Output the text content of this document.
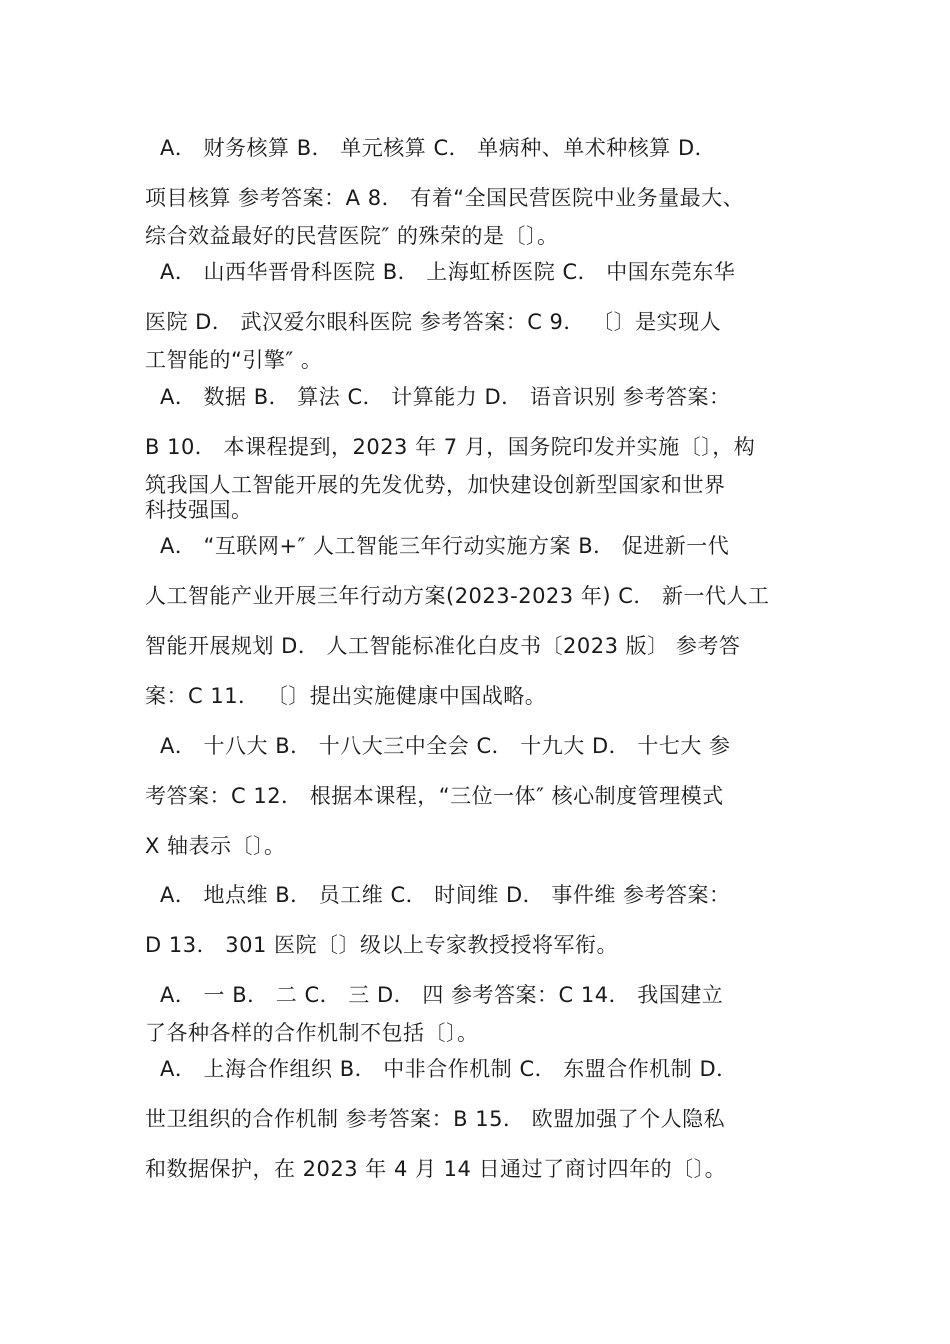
A． 财务核算 B． 单元核算 C． 单病种、单术种核算 D．
项目核算 参考答案：A 8． 有着“全国民营医院中业务量最大、
综合效益最好的民营医院″ 的殊荣的是〔〕。
A． 山西华晋骨科医院 B． 上海虹桥医院 C． 中国东莞东华
医院 D． 武汉爱尔眼科医院 参考答案：C 9． 〔〕是实现人
工智能的“引擎″ 。
A． 数据 B． 算法 C． 计算能力 D． 语音识别 参考答案：
B 10． 本课程提到，2023 年 7 月，国务院印发并实施〔〕，构
筑我国人工智能开展的先发优势，加快建设创新型国家和世界
科技强国。
A． “互联网+″ 人工智能三年行动实施方案 B． 促进新一代
人工智能产业开展三年行动方案(2023-2023 年) C． 新一代人工
智能开展规划 D． 人工智能标准化白皮书〔2023 版〕 参考答
案：C 11． 〔〕提出实施健康中国战略。
A． 十八大 B． 十八大三中全会 C． 十九大 D． 十七大 参
考答案：C 12． 根据本课程，“三位一体″ 核心制度管理模式
X 轴表示〔〕。
A． 地点维 B． 员工维 C． 时间维 D． 事件维 参考答案：
D 13． 301 医院〔〕级以上专家教授授将军衔。
A． 一 B． 二 C． 三 D． 四 参考答案：C 14． 我国建立
了各种各样的合作机制不包括〔〕。
A． 上海合作组织 B． 中非合作机制 C． 东盟合作机制 D．
世卫组织的合作机制 参考答案：B 15． 欧盟加强了个人隐私
和数据保护，在 2023 年 4 月 14 日通过了商讨四年的〔〕。
